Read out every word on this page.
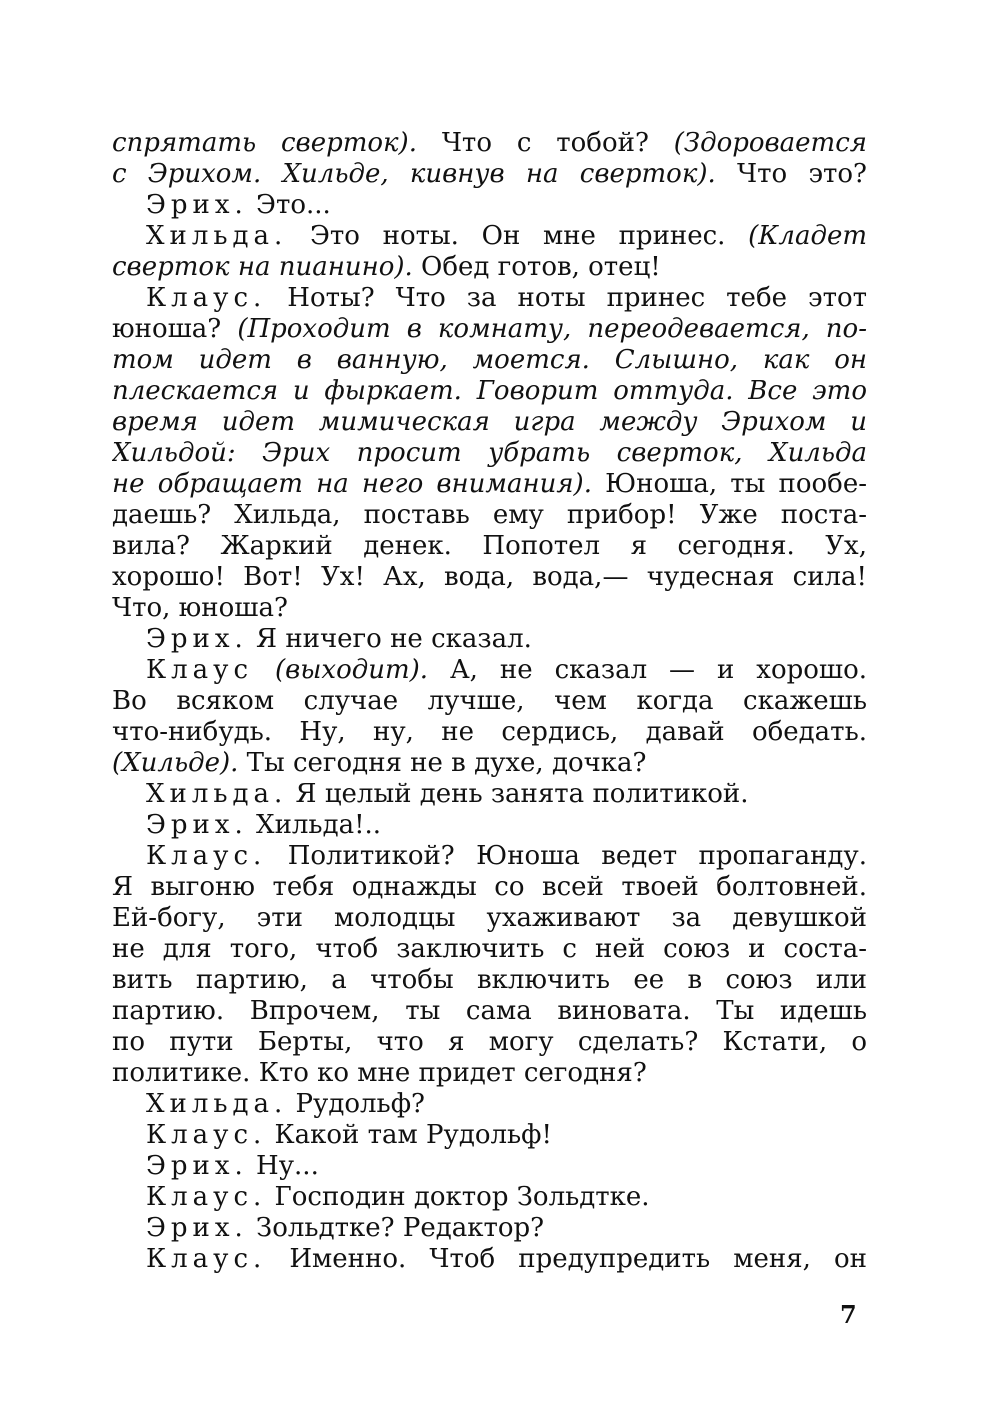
спрятать сверток). Что с тобой? (Здоровается
с Эрихом. Хильде, кивнув на сверток). Что это?
Эрих. Это...
Хильда. Это ноты. Он мне принес. (Кладет
сверток на пианино). Обед готов, отец!
Клаус. Ноты? Что за ноты принес тебе этот
юноша? (Проходит в комнату, переодевается, по-
том идет в ванную, моется. Слышно, как он
плескается и фыркает. Говорит оттуда. Все это
время идет мимическая игра между Эрихом и
Хильдой: Эрих просит убрать сверток, Хильда
не обращает на него внимания). Юноша, ты пообе-
даешь? Хильда, поставь ему прибор! Уже поста-
вила? Жаркий денек. Попотел я сегодня. Ух,
хорошо! Вот! Ух! Ах, вода, вода,— чудесная сила!
Что, юноша?
Эрих. Я ничего не сказал.
Клаус (выходит). А, не сказал — и хорошо.
Во всяком случае лучше, чем когда скажешь
что-нибудь. Ну, ну, не сердись, давай обедать.
(Хильде). Ты сегодня не в духе, дочка?
Хильда. Я целый день занята политикой.
Эрих. Хильда!..
Клаус. Политикой? Юноша ведет пропаганду.
Я выгоню тебя однажды со всей твоей болтовней.
Ей-богу, эти молодцы ухаживают за девушкой
не для того, чтоб заключить с ней союз и соста-
вить партию, а чтобы включить ее в союз или
партию. Впрочем, ты сама виновата. Ты идешь
по пути Берты, что я могу сделать? Кстати, о
политике. Кто ко мне придет сегодня?
Хильда. Рудольф?
Клаус. Какой там Рудольф!
Эрих. Ну...
Клаус. Господин доктор Зольдтке.
Эрих. Зольдтке? Редактор?
Клаус. Именно. Чтоб предупредить меня, он
7
